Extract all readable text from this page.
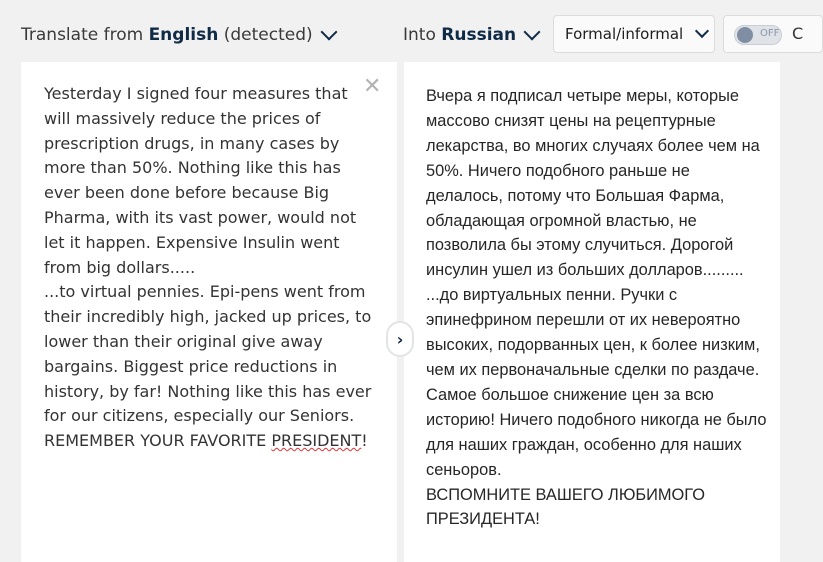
Translate from
English
(detected)	Into
Russian	Formal/informal	OFF C
Yesterday I signed four measures that will massively reduce the prices of prescription drugs, in many cases by more than 50%. Nothing like this has ever been done before because Big Pharma, with its vast power, would not let it happen. Expensive Insulin went from big dollars.....
...to virtual pennies. Epi-pens went from their incredibly high, jacked up prices, to lower than their original give away bargains. Biggest price reductions in history, by far! Nothing like this has ever for our citizens, especially our Seniors. REMEMBER YOUR FAVORITE PRESIDENT!
✕	Вчера я подписал четыре меры, которые массово снизят цены на рецептурные лекарства, во многих случаях более чем на 50%. Ничего подобного раньше не делалось, потому что Большая Фарма, обладающая огромной властью, не позволила бы этому случиться. Дорогой инсулин ушел из больших долларов.........
...до виртуальных пенни. Ручки с эпинефрином перешли от их невероятно высоких, подорванных цен, к более низким, чем их первоначальные сделки по раздаче. Самое большое снижение цен за всю историю! Ничего подобного никогда не было для наших граждан, особенно для наших сеньоров.
ВСПОМНИТЕ ВАШЕГО ЛЮБИМОГО ПРЕЗИДЕНТА!
›
